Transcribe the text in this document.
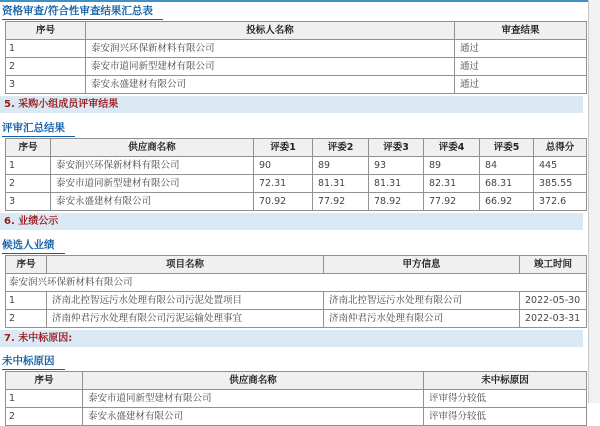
资格审查/符合性审查结果汇总表
序号	投标人名称	审查结果
1	泰安润兴环保新材料有限公司	通过
2	泰安市道同新型建材有限公司	通过
3	泰安永盛建材有限公司	通过
5. 采购小组成员评审结果
评审汇总结果
序号	供应商名称	评委1	评委2	评委3	评委4	评委5	总得分
1	泰安润兴环保新材料有限公司	90	89	93	89	84	445
2	泰安市道同新型建材有限公司	72.31	81.31	81.31	82.31	68.31	385.55
3	泰安永盛建材有限公司	70.92	77.92	78.92	77.92	66.92	372.6
6. 业绩公示
候选人业绩
序号	项目名称	甲方信息	竣工时间
泰安润兴环保新材料有限公司			
1	济南北控智远污水处理有限公司污泥处置项目	济南北控智远污水处理有限公司	2022-05-30
2	济南仲君污水处理有限公司污泥运输处理事宜	济南仲君污水处理有限公司	2022-03-31
7. 未中标原因:
未中标原因
序号	供应商名称	未中标原因
1	泰安市道同新型建材有限公司	评审得分较低
2	泰安永盛建材有限公司	评审得分较低
